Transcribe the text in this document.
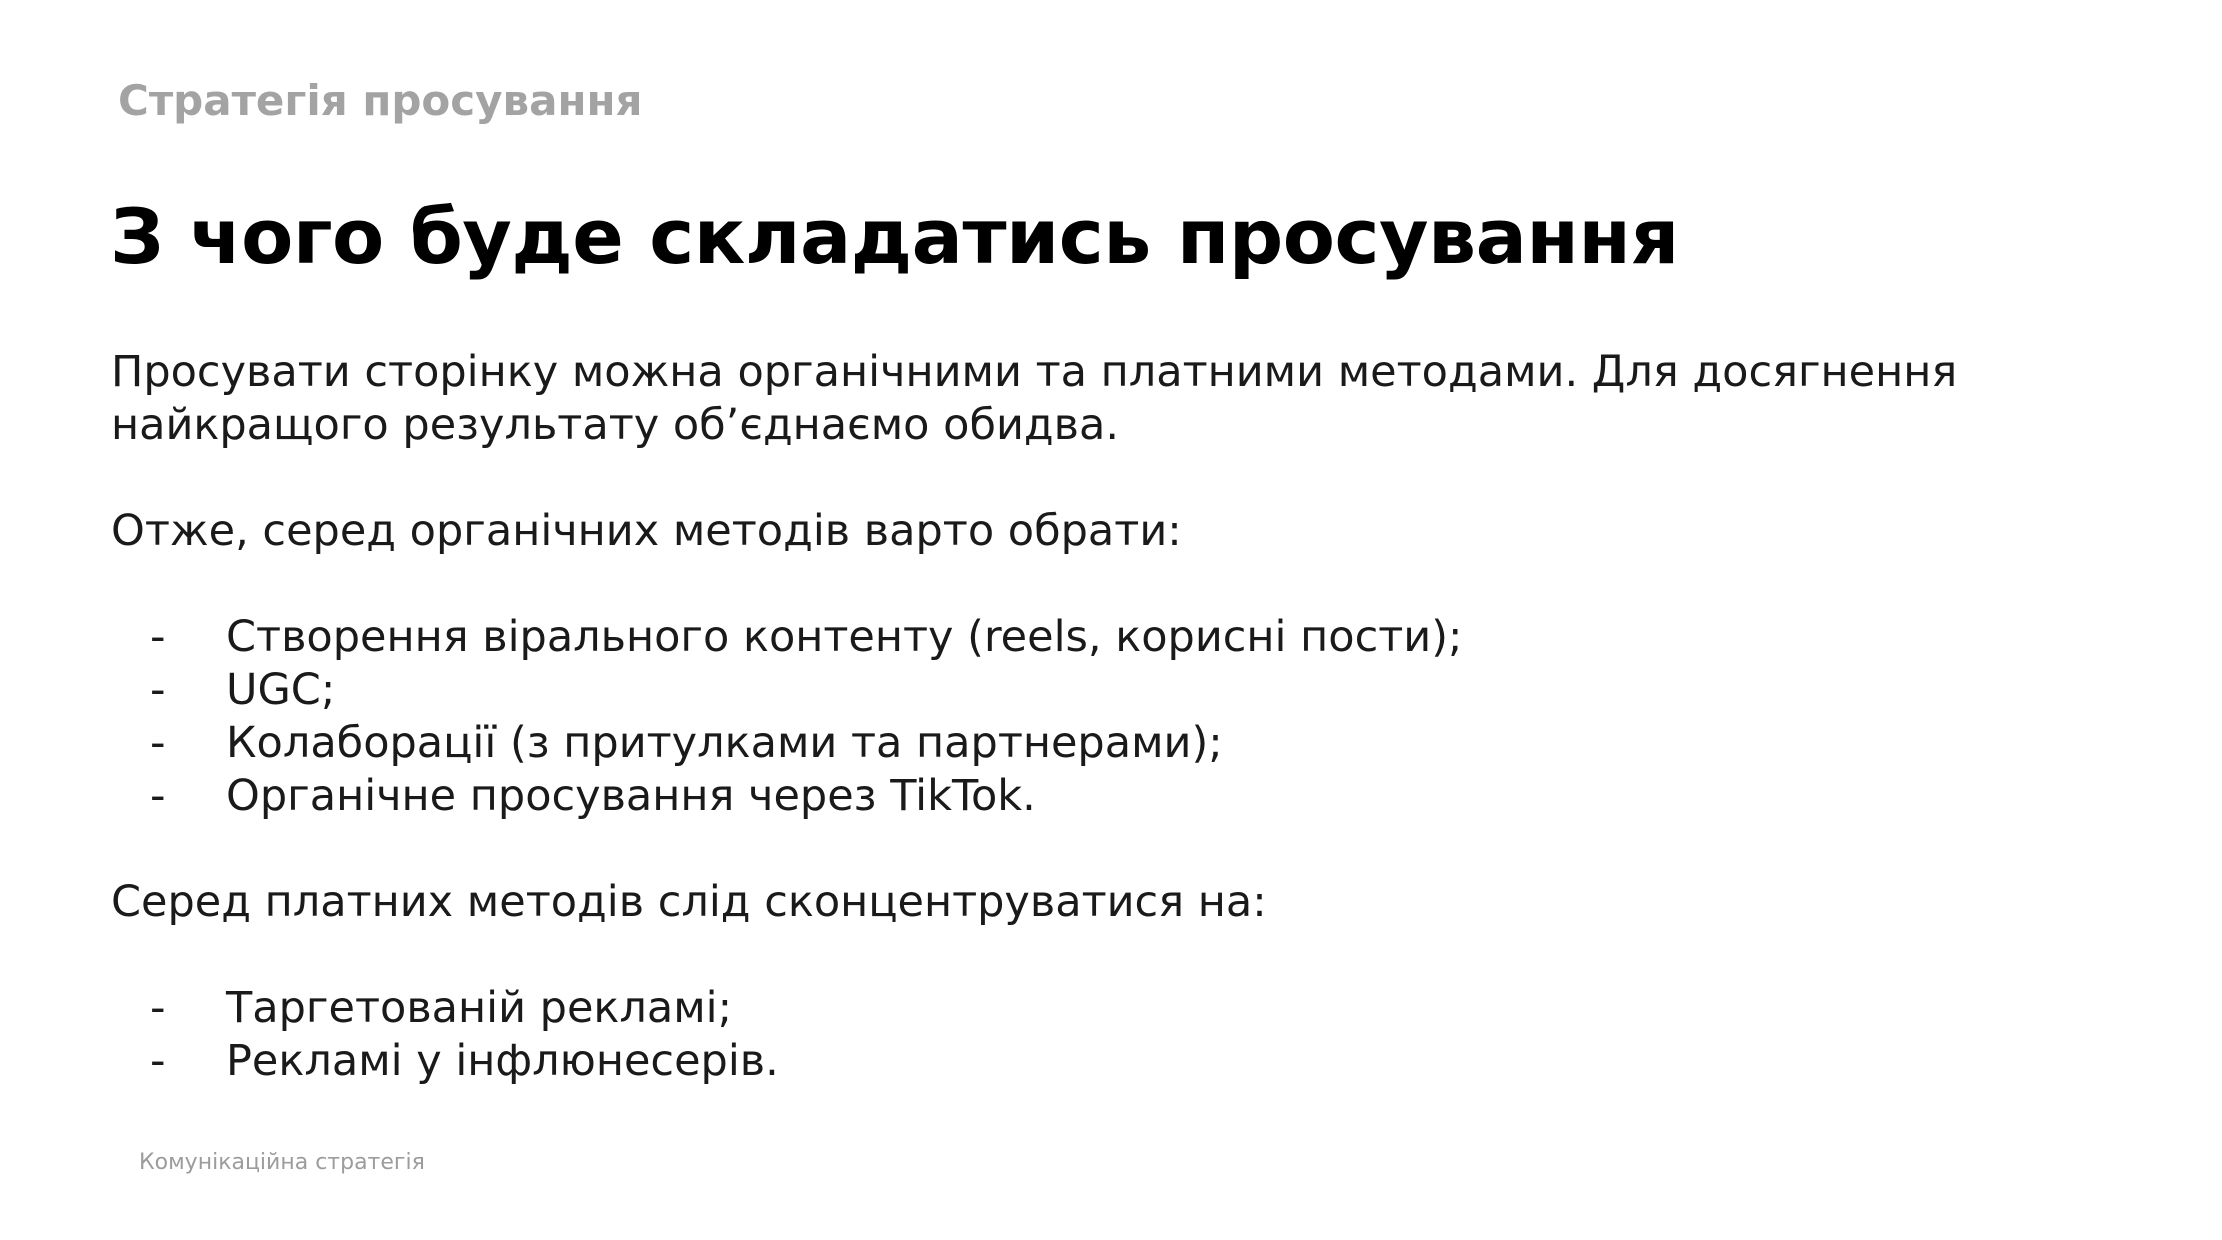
Стратегія просування
З чого буде складатись просування

Просувати сторінку можна органічними та платними методами. Для досягнення

найкращого результату об’єднаємо обидва.

Отже, серед органічних методів варто обрати:

-	Створення вірального контенту (reels, корисні пости);
-	UGC;
-	Колаборації (з притулками та партнерами);
-	Органічне просування через TikTok.

Серед платних методів слід сконцентруватися на:

-	Таргетованій рекламі;
-	Рекламі у інфлюнесерів.
Комунікаційна стратегія
